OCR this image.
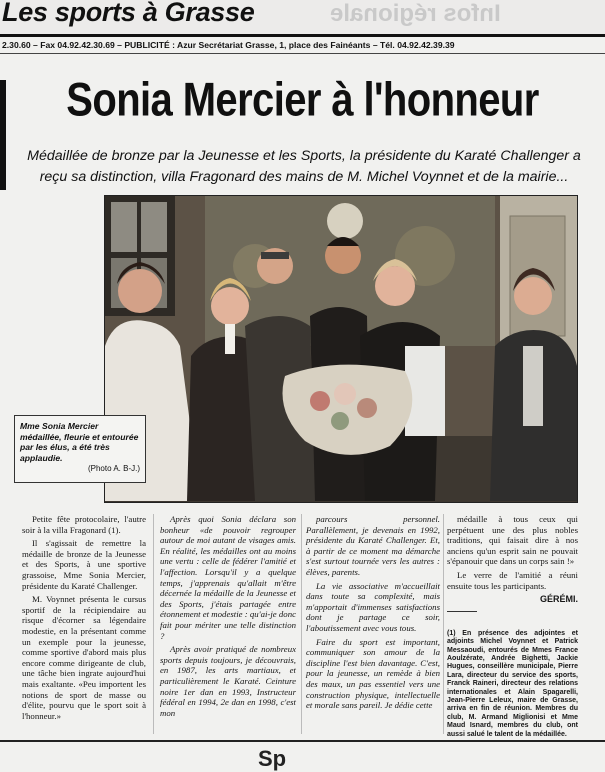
Infos régionale
Les sports à Grasse
2.30.60 – Fax 04.92.42.30.69 – PUBLICITÉ : Azur Secrétariat Grasse, 1, place des Fainéants – Tél. 04.92.42.39.39
Sonia Mercier à l'honneur
Médaillée de bronze par la Jeunesse et les Sports, la présidente du Karaté Challenger a reçu sa distinction, villa Fragonard des mains de M. Michel Voynnet et de la mairie...
Mme Sonia Mercier médaillée, fleurie et entourée par les élus, a été très applaudie.
(Photo A. B-J.)

Petite fête protocolaire, l'autre soir à la villa Fragonard (1).

Il s'agissait de remettre la médaille de bronze de la Jeunesse et des Sports, à une sportive grassoise, Mme Sonia Mercier, présidente du Karaté Challenger.

M. Voynnet présenta le cursus sportif de la récipiendaire au risque d'écorner sa légendaire modestie, en la présentant comme un exemple pour la jeunesse, comme sportive d'abord mais plus encore comme dirigeante de club, une tâche bien ingrate aujourd'hui mais exaltante. «Peu importent les notions de sport de masse ou d'élite, pourvu que le sport soit à l'honneur.»

Après quoi Sonia déclara son bonheur «de pouvoir regrouper autour de moi autant de visages amis. En réalité, les médailles ont au moins une vertu : celle de fédérer l'amitié et l'affection. Lorsqu'il y a quelque temps, j'apprenais qu'allait m'être décernée la médaille de la Jeunesse et des Sports, j'étais partagée entre étonnement et modestie : qu'ai-je donc fait pour mériter une telle distinction ?

Après avoir pratiqué de nombreux sports depuis toujours, je découvrais, en 1987, les arts martiaux, et particulièrement le Karaté. Ceinture noire 1er dan en 1993, Instructeur fédéral en 1994, 2e dan en 1998, c'est mon

parcours personnel. Parallèlement, je devenais en 1992, présidente du Karaté Challenger. Et, à partir de ce moment ma démarche s'est surtout tournée vers les autres : élèves, parents.

La vie associative m'accueillait dans toute sa complexité, mais m'apportait d'immenses satisfactions dont je partage ce soir, l'aboutissement avec vous tous.

Faire du sport est important, communiquer son amour de la discipline l'est bien davantage. C'est, pour la jeunesse, un remède à bien des maux, un pas essentiel vers une construction physique, intellectuelle et morale sans pareil. Je dédie cette

médaille à tous ceux qui perpétuent une des plus nobles traditions, qui faisait dire à nos anciens qu'un esprit sain ne pouvait s'épanouir que dans un corps sain !»

Le verre de l'amitié a réuni ensuite tous les participants.

GÉRÉMI.
(1) En présence des adjointes et adjoints Michel Voynnet et Patrick Messaoudi, entourés de Mmes France Aoulzérate, Andrée Bighetti, Jackie Hugues, conseillère municipale, Pierre Lara, directeur du service des sports, Franck Raineri, directeur des relations internationales et Alain Spagarelli, Jean-Pierre Leleux, maire de Grasse, arriva en fin de réunion. Membres du club, M. Armand Miglionisi et Mme Maud Isnard, membres du club, ont aussi salué le talent de la médaillée.
Sp
